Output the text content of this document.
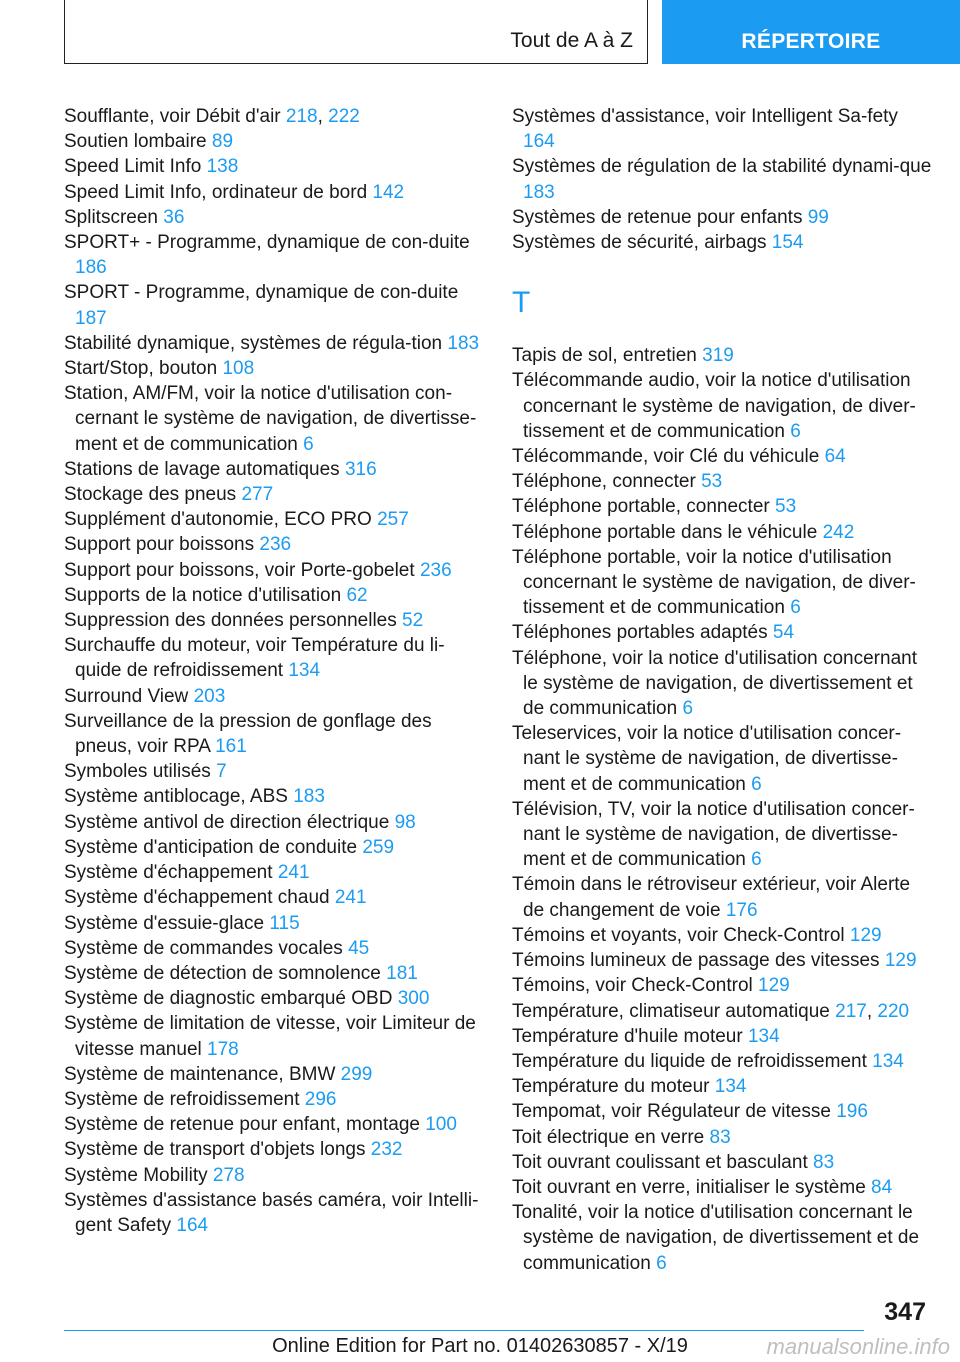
Tout de A à Z	RÉPERTOIRE
Soufflante, voir Débit d'air 218, 222
Soutien lombaire 89
Speed Limit Info 138
Speed Limit Info, ordinateur de bord 142
Splitscreen 36
SPORT+ - Programme, dynamique de con-duite 186
SPORT - Programme, dynamique de con-duite 187
Stabilité dynamique, systèmes de régula-tion 183
Start/Stop, bouton 108
Station, AM/FM, voir la notice d'utilisation con-cernant le système de navigation, de divertisse-ment et de communication 6
Stations de lavage automatiques 316
Stockage des pneus 277
Supplément d'autonomie, ECO PRO 257
Support pour boissons 236
Support pour boissons, voir Porte-gobelet 236
Supports de la notice d'utilisation 62
Suppression des données personnelles 52
Surchauffe du moteur, voir Température du li-quide de refroidissement 134
Surround View 203
Surveillance de la pression de gonflage des pneus, voir RPA 161
Symboles utilisés 7
Système antiblocage, ABS 183
Système antivol de direction électrique 98
Système d'anticipation de conduite 259
Système d'échappement 241
Système d'échappement chaud 241
Système d'essuie-glace 115
Système de commandes vocales 45
Système de détection de somnolence 181
Système de diagnostic embarqué OBD 300
Système de limitation de vitesse, voir Limiteur de vitesse manuel 178
Système de maintenance, BMW 299
Système de refroidissement 296
Système de retenue pour enfant, montage 100
Système de transport d'objets longs 232
Système Mobility 278
Systèmes d'assistance basés caméra, voir Intelli-gent Safety 164
Systèmes d'assistance, voir Intelligent Sa-fety 164
Systèmes de régulation de la stabilité dynami-que 183
Systèmes de retenue pour enfants 99
Systèmes de sécurité, airbags 154
T
Tapis de sol, entretien 319
Télécommande audio, voir la notice d'utilisation concernant le système de navigation, de diver-tissement et de communication 6
Télécommande, voir Clé du véhicule 64
Téléphone, connecter 53
Téléphone portable, connecter 53
Téléphone portable dans le véhicule 242
Téléphone portable, voir la notice d'utilisation concernant le système de navigation, de diver-tissement et de communication 6
Téléphones portables adaptés 54
Téléphone, voir la notice d'utilisation concernant le système de navigation, de divertissement et de communication 6
Teleservices, voir la notice d'utilisation concer-nant le système de navigation, de divertisse-ment et de communication 6
Télévision, TV, voir la notice d'utilisation concer-nant le système de navigation, de divertisse-ment et de communication 6
Témoin dans le rétroviseur extérieur, voir Alerte de changement de voie 176
Témoins et voyants, voir Check-Control 129
Témoins lumineux de passage des vitesses 129
Témoins, voir Check-Control 129
Température, climatiseur automatique 217, 220
Température d'huile moteur 134
Température du liquide de refroidissement 134
Température du moteur 134
Tempomat, voir Régulateur de vitesse 196
Toit électrique en verre 83
Toit ouvrant coulissant et basculant 83
Toit ouvrant en verre, initialiser le système 84
Tonalité, voir la notice d'utilisation concernant le système de navigation, de divertissement et de communication 6
347
Online Edition for Part no. 01402630857 - X/19	manualsonline.info
